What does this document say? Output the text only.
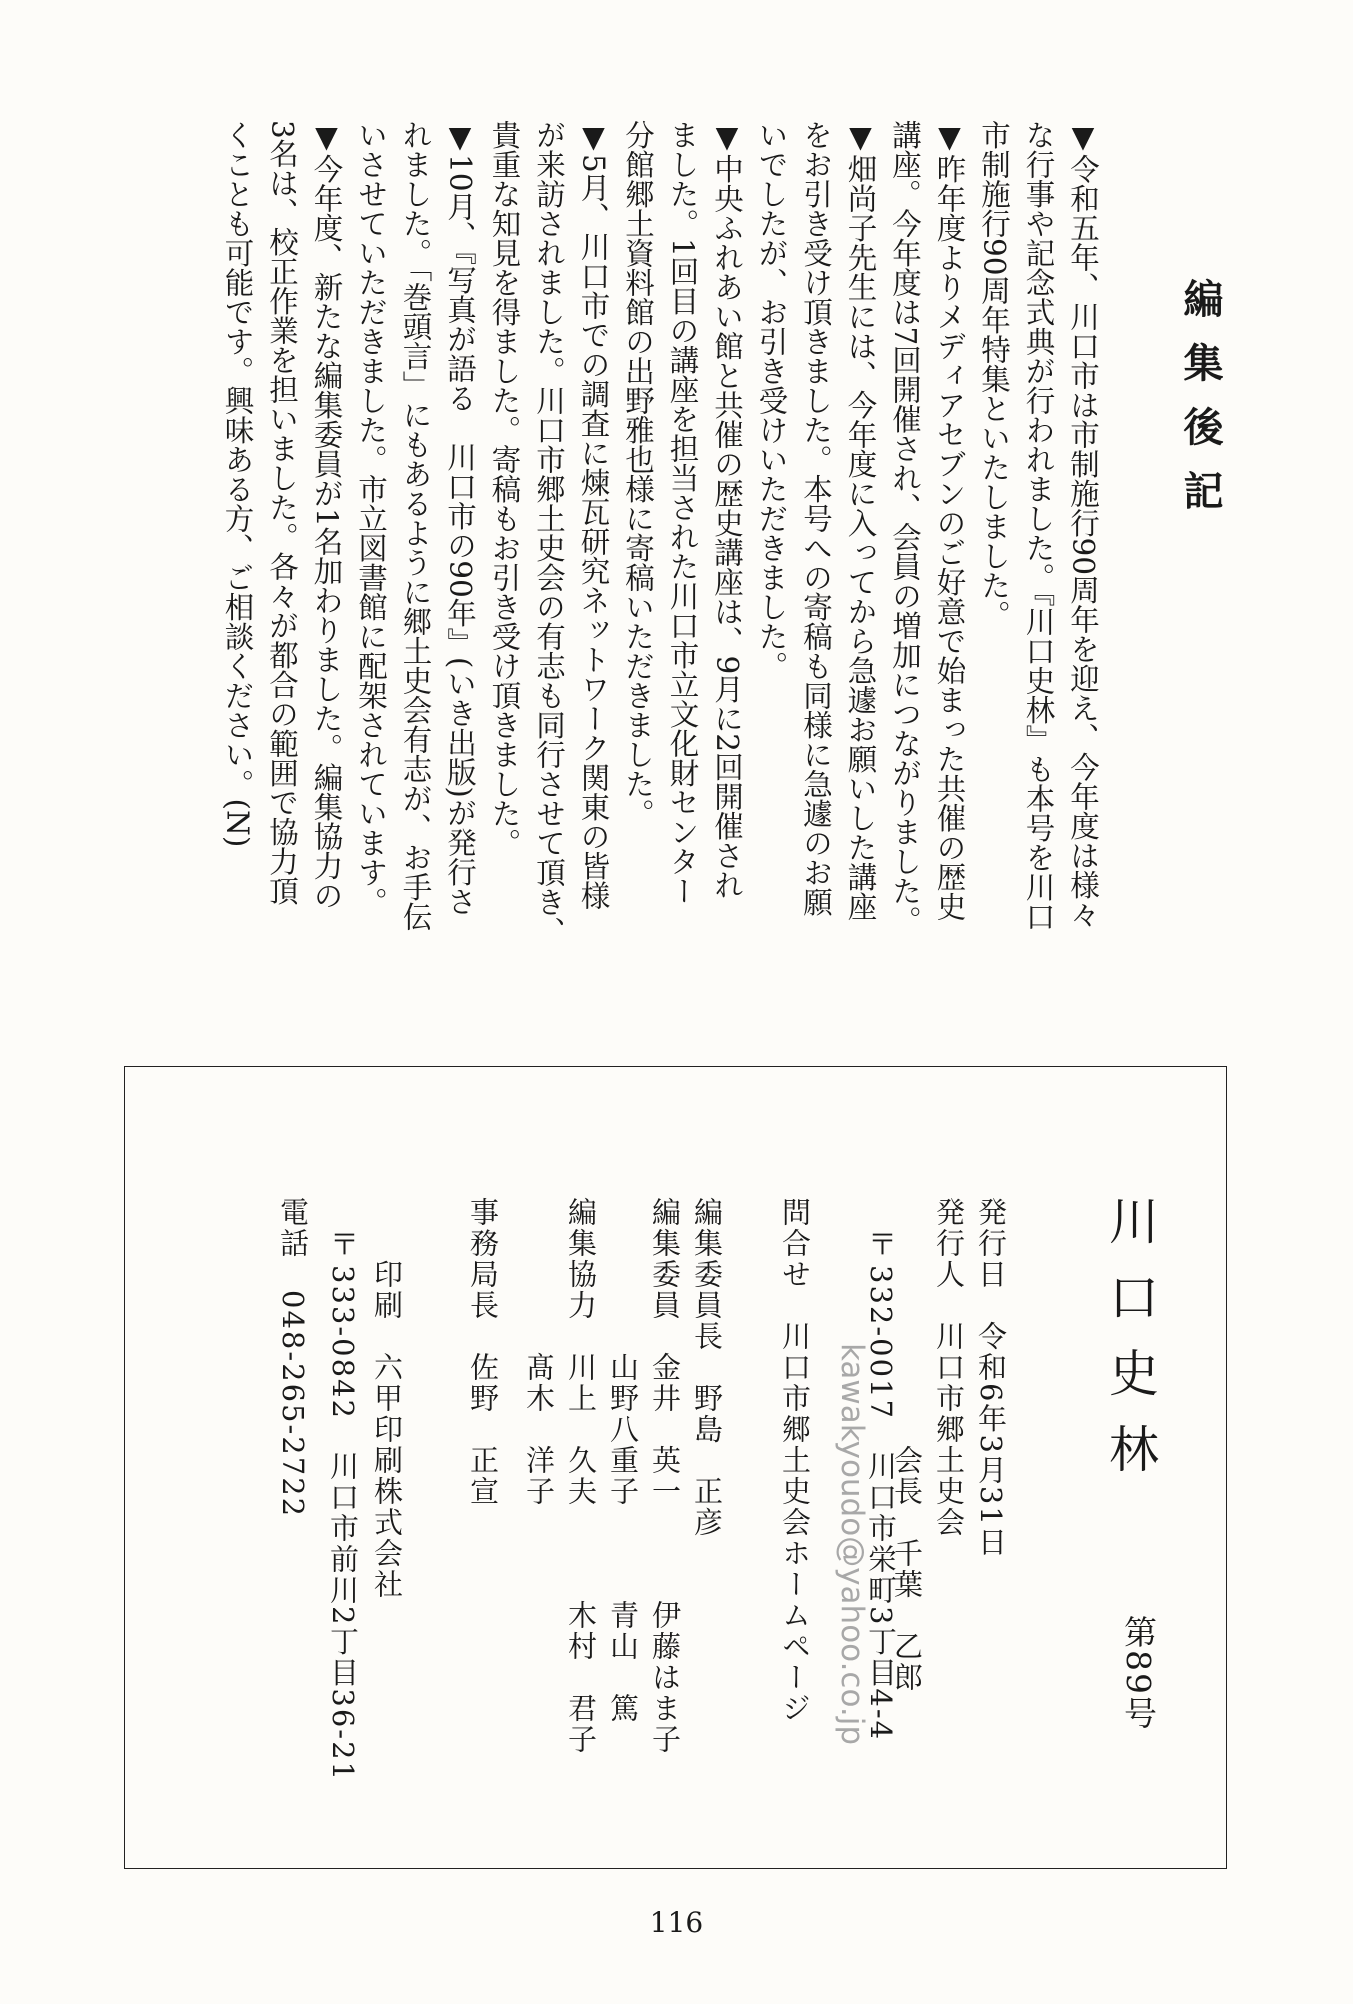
編集後記

▼令和五年、川口市は市制施行90周年を迎え、今年度は様々

な行事や記念式典が行われました。『川口史林』も本号を川口

市制施行90周年特集といたしました。

▼昨年度よりメディアセブンのご好意で始まった共催の歴史

講座。今年度は7回開催され、会員の増加につながりました。

▼畑尚子先生には、今年度に入ってから急遽お願いした講座

をお引き受け頂きました。本号への寄稿も同様に急遽のお願

いでしたが、お引き受けいただきました。

▼中央ふれあい館と共催の歴史講座は、9月に2回開催され

ました。1回目の講座を担当された川口市立文化財センター

分館郷土資料館の出野雅也様に寄稿いただきました。

▼5月、川口市での調査に煉瓦研究ネットワーク関東の皆様

が来訪されました。川口市郷土史会の有志も同行させて頂き、

貴重な知見を得ました。寄稿もお引き受け頂きました。

▼10月、『写真が語る　川口市の90年』(いき出版)が発行さ

れました。「巻頭言」にもあるように郷土史会有志が、お手伝

いさせていただきました。市立図書館に配架されています。

▼今年度、新たな編集委員が1名加わりました。編集協力の

3名は、校正作業を担いました。各々が都合の範囲で協力頂

くことも可能です。興味ある方、ご相談ください。(N)

川口史林
第89号
発行日　令和6年3月31日
発行人　川口市郷土史会
　　　　　　　　会長　千葉　乙郎
〒
332-0017　川口市栄町3丁目4-4
問合せ　川口市郷土史会ホームページ kawakyoudo@yahoo.co.jp
編集委員長　野島　正彦
編集委員　金井　英一　　　伊藤はま子
　　　　　山野八重子　　　青山　篤
編集協力　川上　久夫　　　木村　君子
　　　　　髙木　洋子
事務局長　佐野　正宣
　　印刷　六甲印刷株式会社
〒
333-0842　川口市前川2丁目36-21
電話　048-265-2722
116
